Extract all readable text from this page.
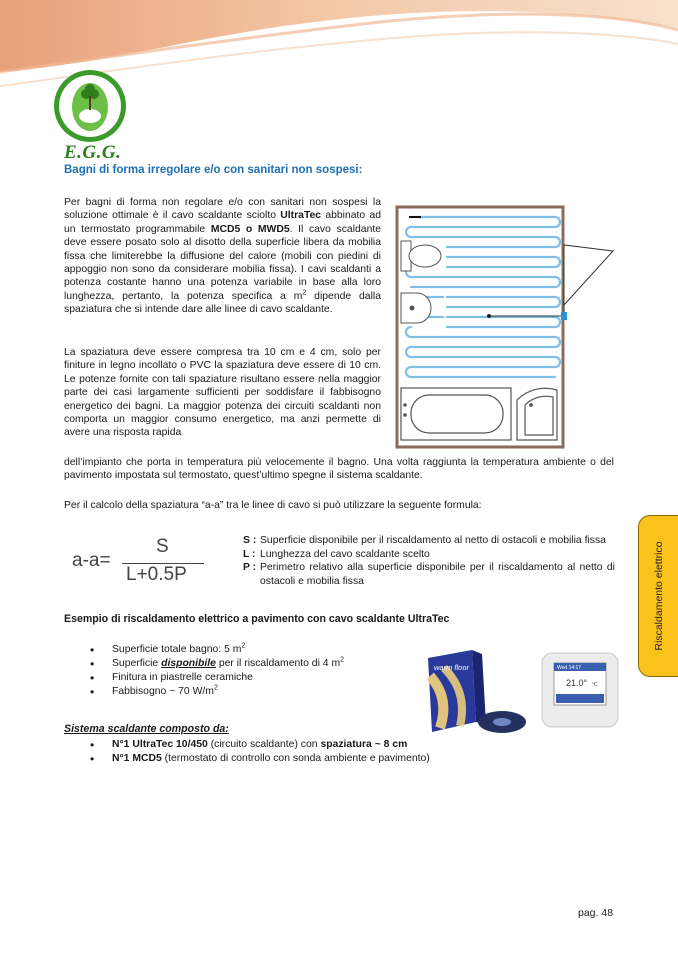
E.G.G.
Bagni di forma irregolare e/o con sanitari non sospesi:

Per bagni di forma non regolare e/o con sanitari non sospesi la soluzione ottimale è il cavo scaldante sciolto UltraTec abbinato ad un termostato programmabile MCD5 o MWD5. Il cavo scaldante deve essere posato solo al disotto della superficie libera da mobilia fissa che limiterebbe la diffusione del calore (mobili con piedini di appoggio non sono da considerare mobilia fissa). I cavi scaldanti a potenza costante hanno una potenza variabile in base alla loro lunghezza, pertanto, la potenza specifica a $m^2$ dipende dalla spaziatura che si intende dare alle linee di cavo scaldante.

La spaziatura deve essere compresa tra 10 cm e 4 cm, solo per finiture in legno incollato o PVC la spaziatura deve essere di 10 cm. Le potenze fornite con tali spaziature risultano essere nella maggior parte dei casi largamente sufficienti per soddisfare il fabbisogno energetico dei bagni. La maggior potenza dei circuiti scaldanti non comporta un maggior consumo energetico, ma anzi permette di avere una risposta rapida

dell’impianto che porta in temperatura più velocemente il bagno. Una volta raggiunta la temperatura ambiente o del pavimento impostata sul termostato, quest’ultimo spegne il sistema scaldante.
Riscaldamento elettrico
Per il calcolo della spaziatura “a-a” tra le linee di cavo si può utilizzare la seguente formula:
a-a=
S
L+0.5P
S : Superficie disponibile per il riscaldamento al netto di ostacoli e mobilia fissa
L : Lunghezza del cavo scaldante scelto
P : Perimetro relativo alla superficie disponibile per il riscaldamento al netto di ostacoli e mobilia fissa
Esempio di riscaldamento elettrico a pavimento con cavo scaldante UltraTec
• Superficie totale bagno: 5 $m^2$
• Superficie disponibile per il riscaldamento di 4 $m^2$
• Finitura in piastrelle ceramiche
• Fabbisogno ~ 70 $W/m^2$
warm floor	Wed 14:17
21.0° °C
Sistema scaldante composto da:
• N°1 UltraTec 10/450 (circuito scaldante) con spaziatura ~ 8 cm
• N°1 MCD5 (termostato di controllo con sonda ambiente e pavimento)
pag. 48
